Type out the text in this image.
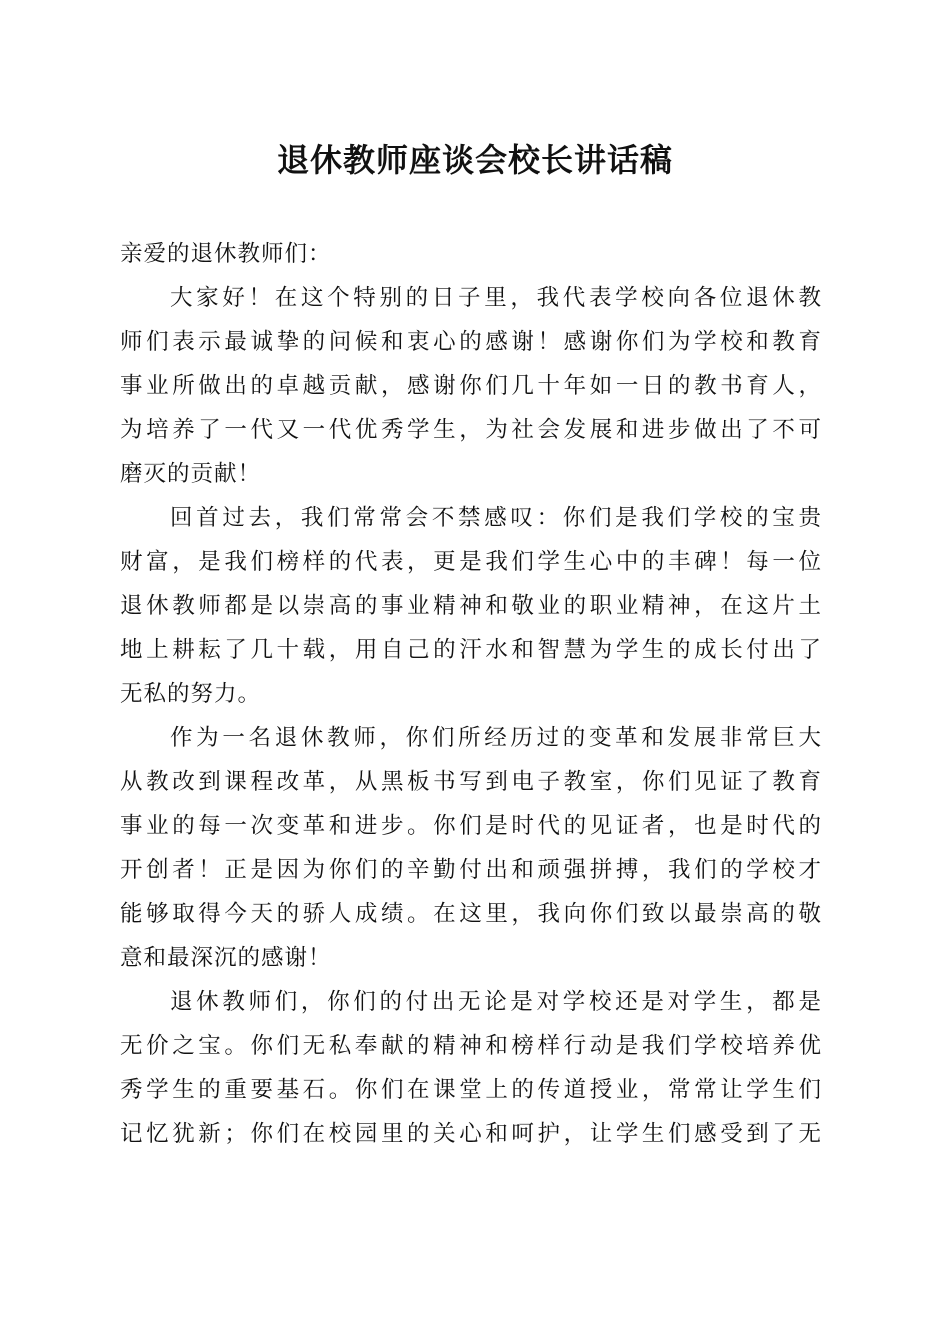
退休教师座谈会校长讲话稿
亲爱的退休教师们：
大家好！在这个特别的日子里，我代表学校向各位退休教
师们表示最诚挚的问候和衷心的感谢！感谢你们为学校和教育
事业所做出的卓越贡献，感谢你们几十年如一日的教书育人，
为培养了一代又一代优秀学生，为社会发展和进步做出了不可
磨灭的贡献！
回首过去，我们常常会不禁感叹：你们是我们学校的宝贵
财富，是我们榜样的代表，更是我们学生心中的丰碑！每一位
退休教师都是以崇高的事业精神和敬业的职业精神，在这片土
地上耕耘了几十载，用自己的汗水和智慧为学生的成长付出了
无私的努力。
作为一名退休教师，你们所经历过的变革和发展非常巨大
从教改到课程改革，从黑板书写到电子教室，你们见证了教育
事业的每一次变革和进步。你们是时代的见证者，也是时代的
开创者！正是因为你们的辛勤付出和顽强拼搏，我们的学校才
能够取得今天的骄人成绩。在这里，我向你们致以最崇高的敬
意和最深沉的感谢！
退休教师们，你们的付出无论是对学校还是对学生，都是
无价之宝。你们无私奉献的精神和榜样行动是我们学校培养优
秀学生的重要基石。你们在课堂上的传道授业，常常让学生们
记忆犹新；你们在校园里的关心和呵护，让学生们感受到了无
